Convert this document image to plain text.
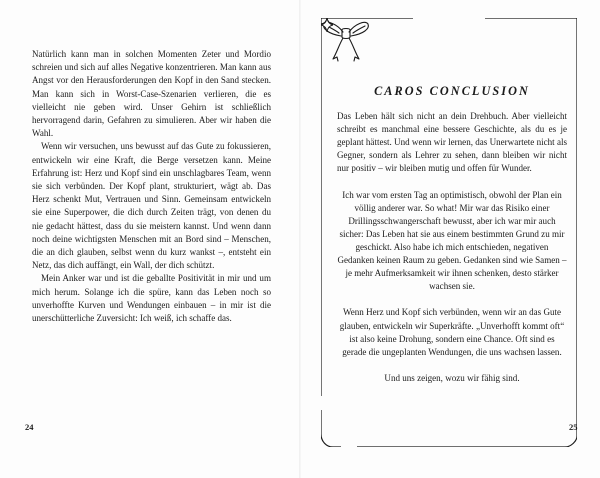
Natürlich kann man in solchen Momenten Zeter und Mordio schreien und sich auf alles Negative konzentrieren. Man kann aus Angst vor den Herausforderungen den Kopf in den Sand stecken. Man kann sich in Worst-Case-Szenarien verlieren, die es vielleicht nie geben wird. Unser Gehirn ist schließlich hervorragend darin, Gefahren zu simulieren. Aber wir haben die Wahl.

Wenn wir versuchen, uns bewusst auf das Gute zu fokussieren, entwickeln wir eine Kraft, die Berge versetzen kann. Meine Erfahrung ist: Herz und Kopf sind ein unschlagbares Team, wenn sie sich verbünden. Der Kopf plant, strukturiert, wägt ab. Das Herz schenkt Mut, Vertrauen und Sinn. Gemeinsam entwickeln sie eine Superpower, die dich durch Zeiten trägt, von denen du nie gedacht hättest, dass du sie meistern kannst. Und wenn dann noch deine wichtigsten Menschen mit an Bord sind – Menschen, die an dich glauben, selbst wenn du kurz wankst –, entsteht ein Netz, das dich auffängt, ein Wall, der dich schützt.

Mein Anker war und ist die geballte Positivität in mir und um mich herum. Solange ich die spüre, kann das Leben noch so unverhoffte Kurven und Wendungen einbauen – in mir ist die unerschütterliche Zuversicht: Ich weiß, ich schaffe das.

CAROS CONCLUSION

Das Leben hält sich nicht an dein Drehbuch. Aber vielleicht schreibt es manchmal eine bessere Geschichte, als du es je geplant hättest. Und wenn wir lernen, das Unerwartete nicht als Gegner, sondern als Lehrer zu sehen, dann bleiben wir nicht nur positiv – wir bleiben mutig und offen für Wunder.

Ich war vom ersten Tag an optimistisch, obwohl der Plan ein völlig anderer war. So what! Mir war das Risiko einer Drillingsschwangerschaft bewusst, aber ich war mir auch sicher: Das Leben hat sie aus einem bestimmten Grund zu mir geschickt. Also habe ich mich entschieden, negativen Gedanken keinen Raum zu geben. Gedanken sind wie Samen – je mehr Aufmerksamkeit wir ihnen schenken, desto stärker wachsen sie.

Wenn Herz und Kopf sich verbünden, wenn wir an das Gute glauben, entwickeln wir Superkräfte. „Unverhofft kommt oft“ ist also keine Drohung, sondern eine Chance. Oft sind es gerade die ungeplanten Wendungen, die uns wachsen lassen.

Und uns zeigen, wozu wir fähig sind.

24	25
